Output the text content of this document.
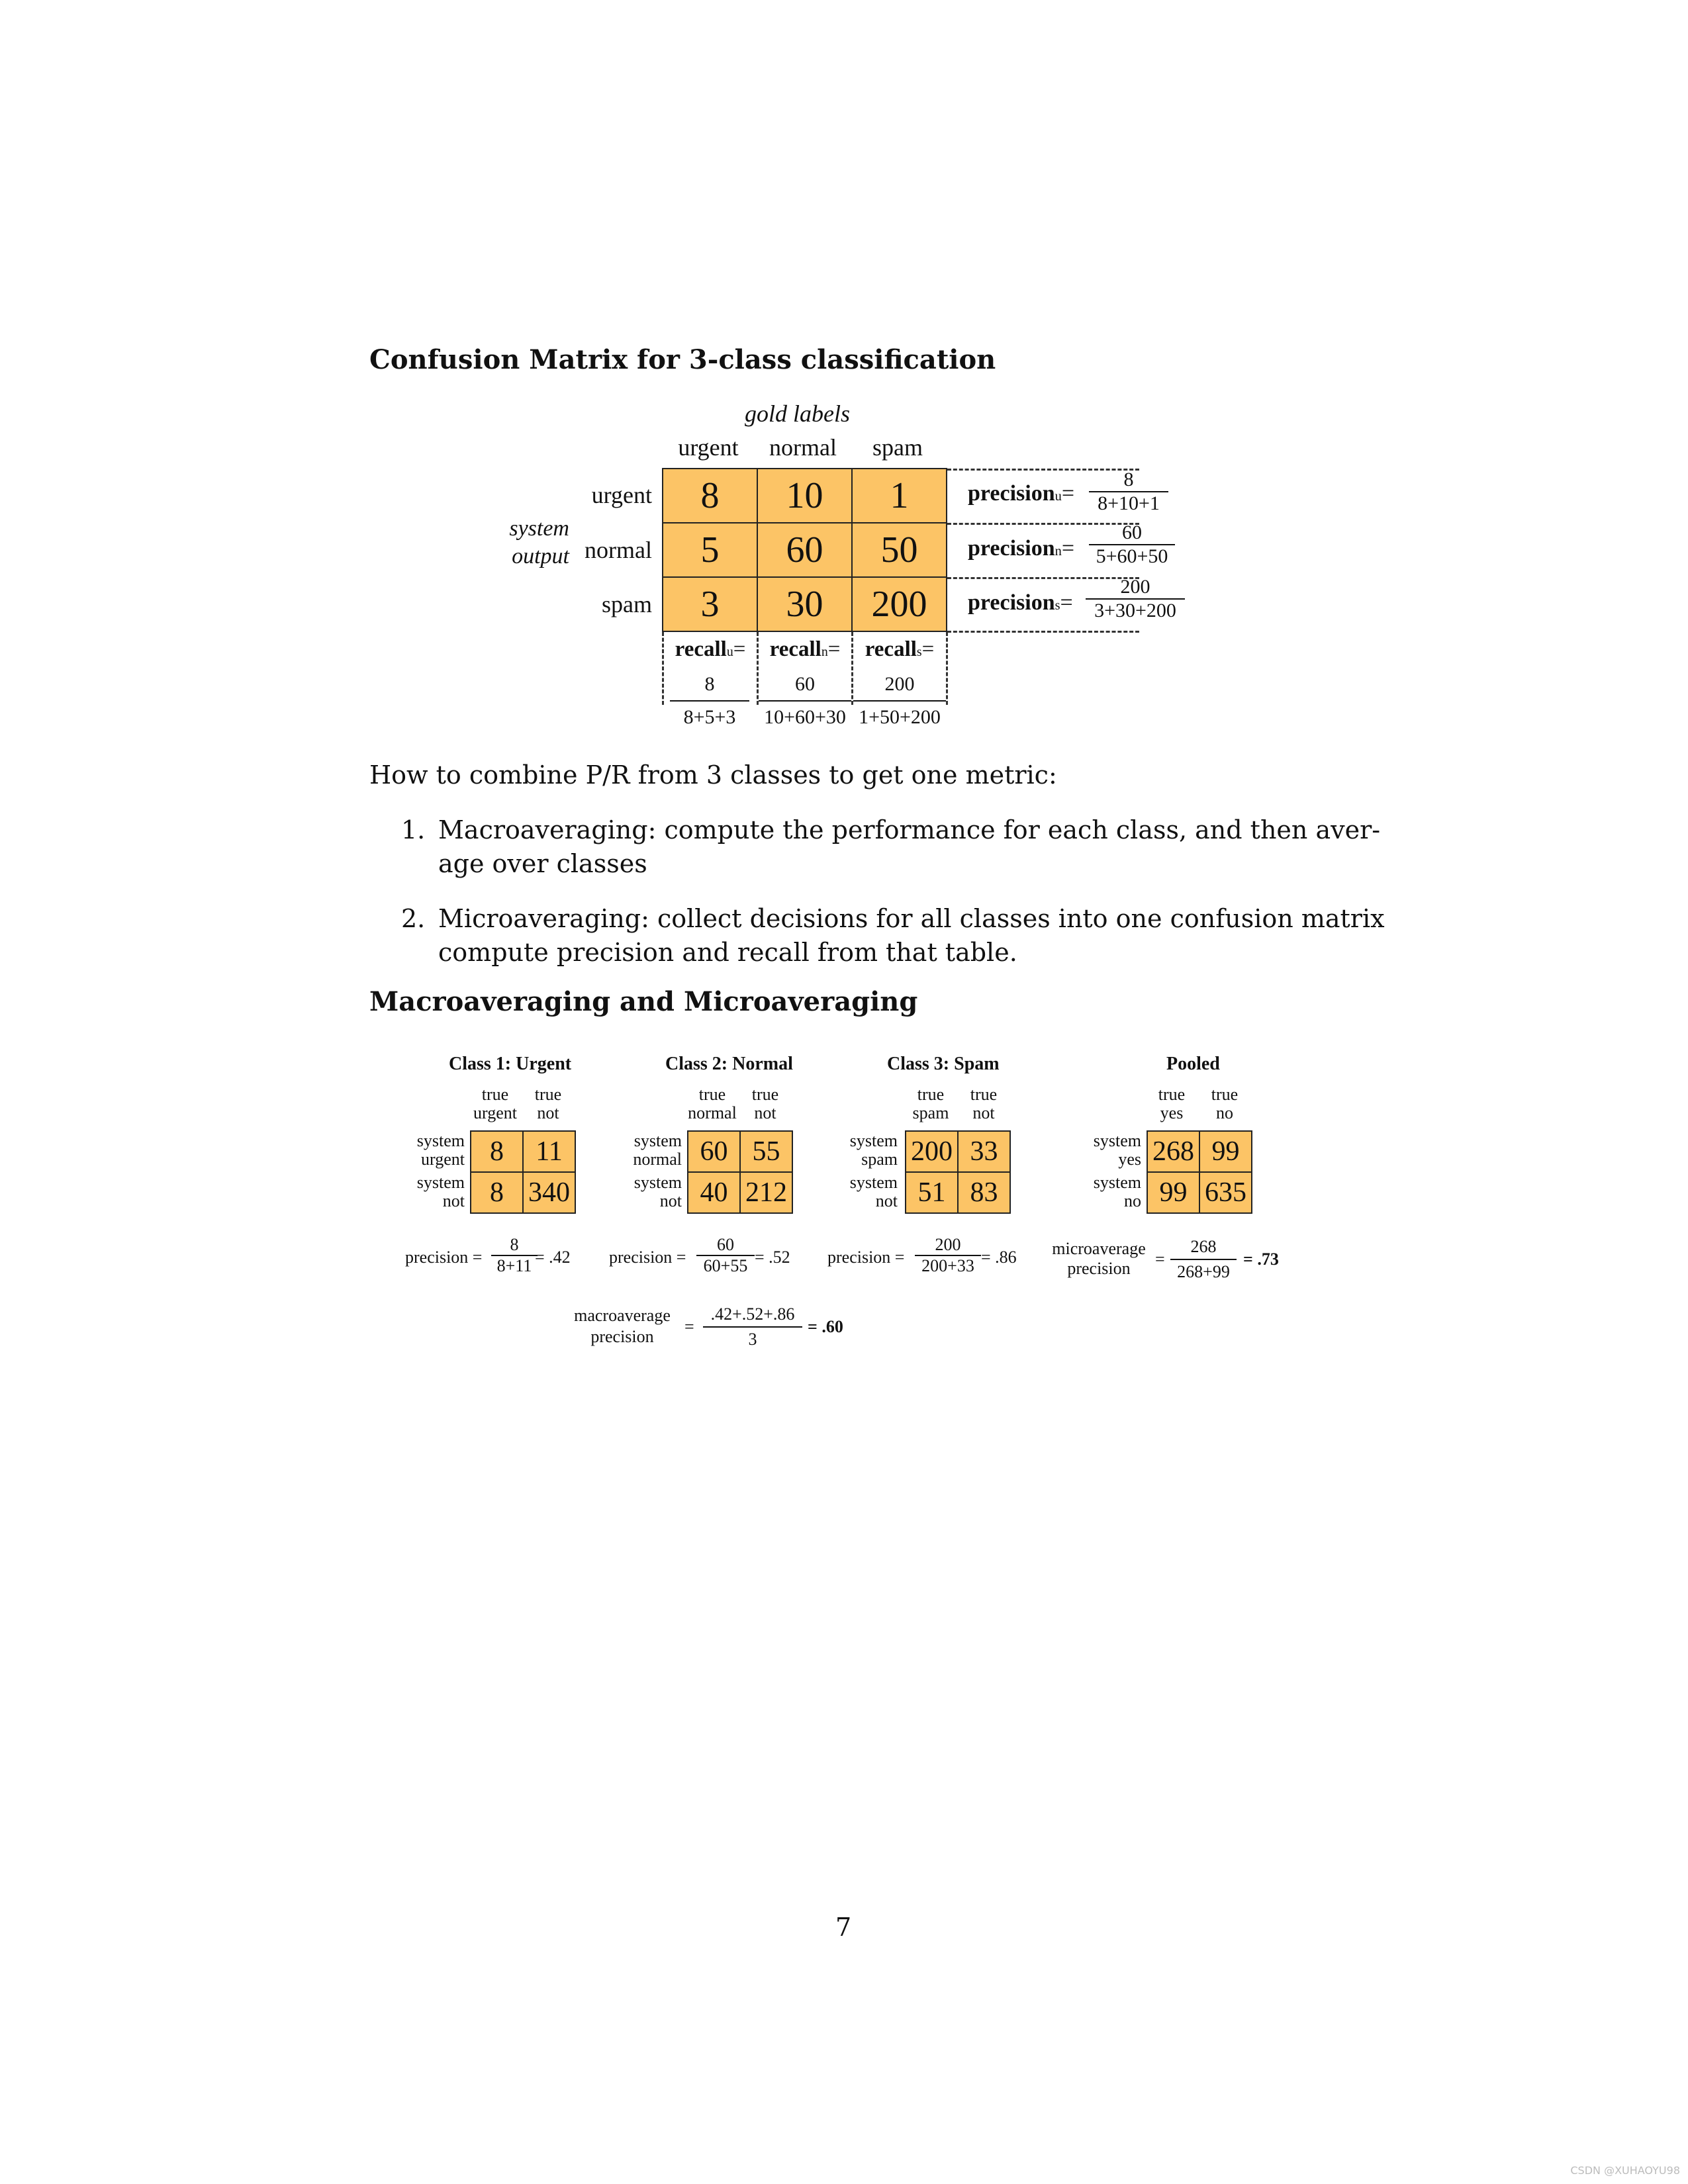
Confusion Matrix for 3-class classification
gold labels
urgent	normal	spam
system
output
urgent
normal
spam
8	10	1
5	60	50
3	30	200
precisionu=
8
8+10+1
precisionn=
60
5+60+50
precisions=
200
3+30+200
recallu=
8
8+5+3
recalln=
60
10+60+30
recalls=
200
1+50+200
How to combine P/R from 3 classes to get one metric:
1. Macroaveraging: compute the performance for each class, and then aver-
age over classes
2. Microaveraging: collect decisions for all classes into one confusion matrix
compute precision and recall from that table.
Macroaveraging and Microaveraging
Class 1: Urgent
true
urgent
true
not
system
urgent
system
not
8	11
8 340
precision =
8
8+11 = .42
Class 2: Normal
true
normal
true
not
system
normal
system
not
60 55
40 212
precision =
60
60+55 = .52
Class 3: Spam
true
spam
true
not
system
spam
system
not
200 33
51 83
precision =
200
200+33 = .86
Pooled
true
yes
true
no
system
yes
system
no
268 99
99 635
microaverage
precision	=
268
268+99
= .73
macroaverage
precision
=
.42+.52+.86
3
= .60
7
CSDN @XUHAOYU98
